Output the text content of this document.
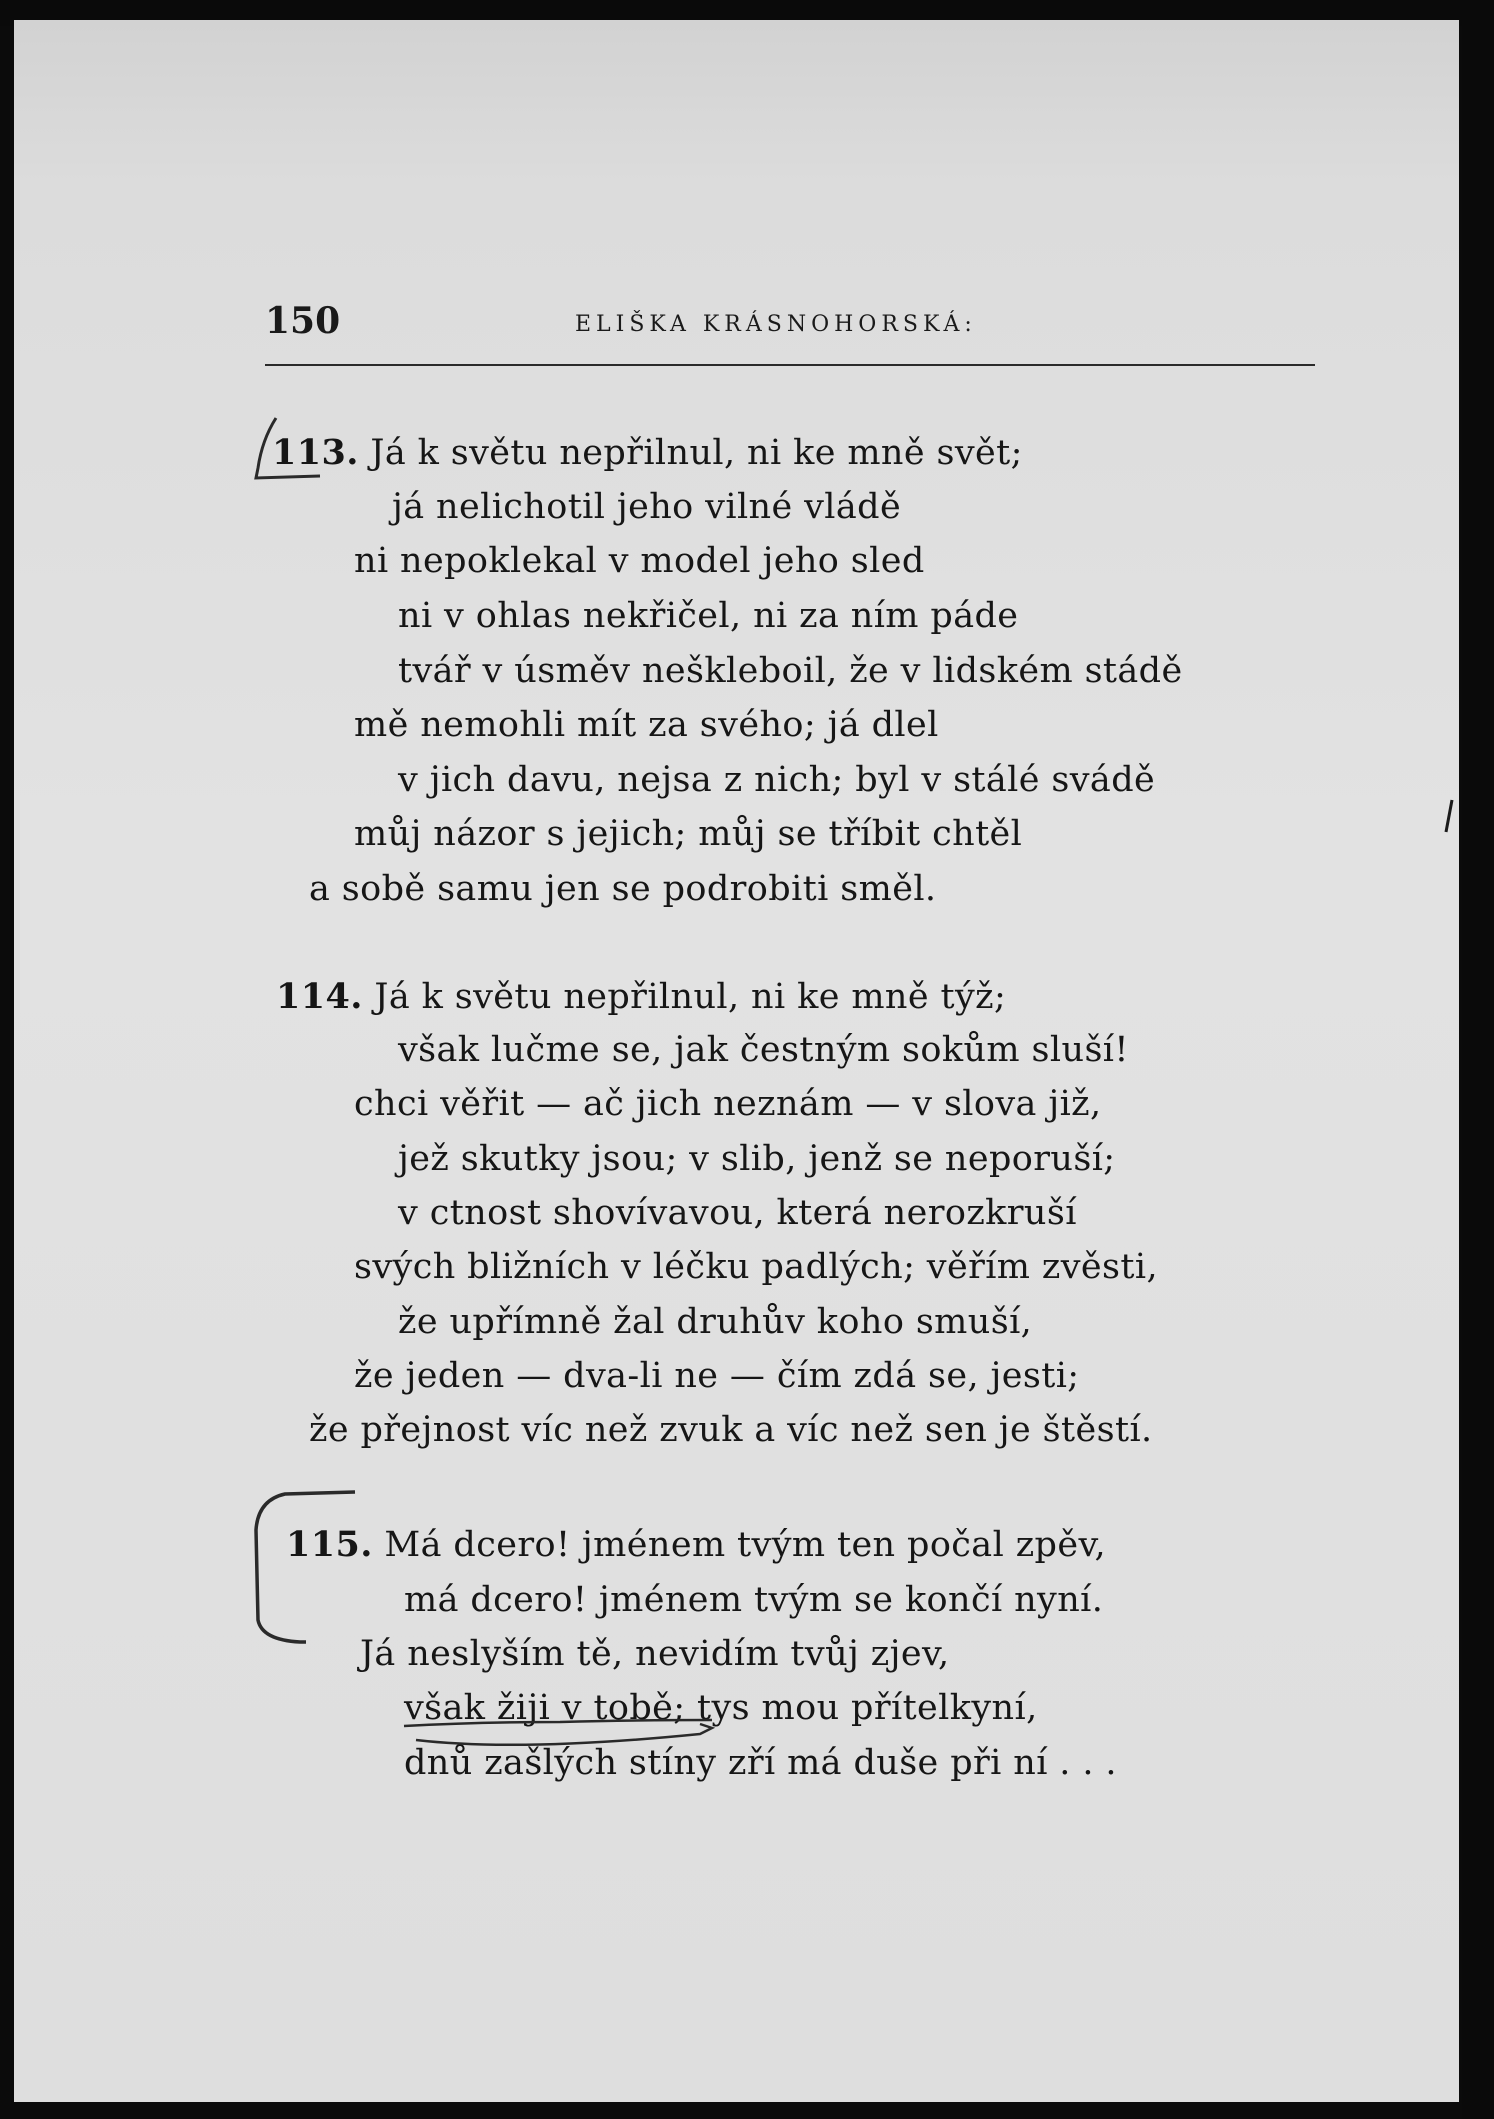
150	ELIŠKA KRÁSNOHORSKÁ:
113. Já k světu nepřilnul, ni ke mně svět;
já nelichotil jeho vilné vládě
ni nepoklekal v model jeho sled
ni v ohlas nekřičel, ni za ním páde
tvář v úsměv neškleboil, že v lidském stádě
mě nemohli mít za svého; já dlel
v jich davu, nejsa z nich; byl v stálé svádě
můj názor s jejich; můj se tříbit chtěl
a sobě samu jen se podrobiti směl.
114. Já k světu nepřilnul, ni ke mně týž;
však lučme se, jak čestným sokům sluší!
chci věřit — ač jich neznám — v slova již,
jež skutky jsou; v slib, jenž se neporuší;
v ctnost shovívavou, která nerozkruší
svých bližních v léčku padlých; věřím zvěsti,
že upřímně žal druhův koho smuší,
že jeden — dva-li ne — čím zdá se, jesti;
že přejnost víc než zvuk a víc než sen je štěstí.
115. Má dcero! jménem tvým ten počal zpěv,
má dcero! jménem tvým se končí nyní.
Já neslyším tě, nevidím tvůj zjev,
však žiji v tobě; tys mou přítelkyní,
dnů zašlých stíny zří má duše při ní . . .
